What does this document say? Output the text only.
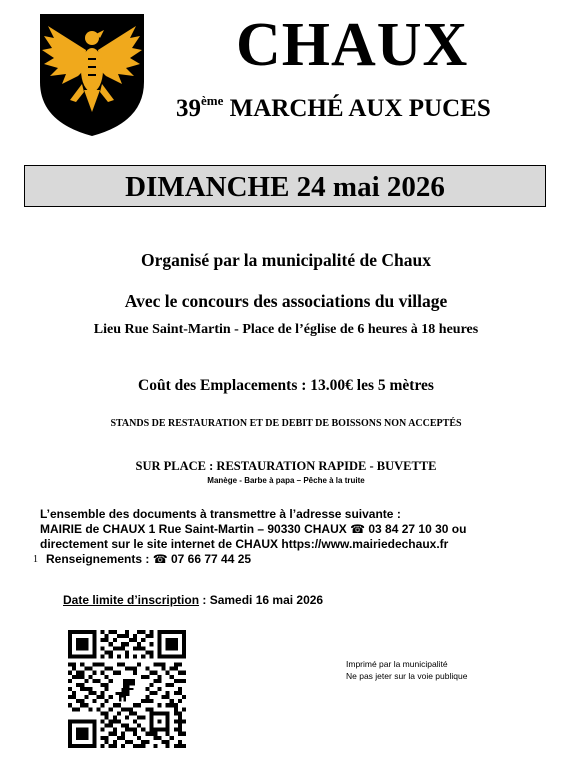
CHAUX
39ème MARCHÉ AUX PUCES
DIMANCHE 24 mai 2026
Organisé par la municipalité de Chaux
Avec le concours des associations du village
Lieu Rue Saint-Martin - Place de l’église de 6 heures à 18 heures
Coût des Emplacements : 13.00€ les 5 mètres
STANDS DE RESTAURATION ET DE DEBIT DE BOISSONS NON ACCEPTÉS
SUR PLACE : RESTAURATION RAPIDE - BUVETTE
Manège - Barbe à papa – Pêche à la truite
L’ensemble des documents à transmettre à l’adresse suivante :
MAIRIE de CHAUX 1 Rue Saint-Martin – 90330 CHAUX ☎ 03 84 27 10 30 ou
directement sur le site internet de CHAUX https://www.mairiedechaux.fr
1 Renseignements : ☎ 07 66 77 44 25
Date limite d’inscription : Samedi 16 mai 2026
Imprimé par la municipalité
Ne pas jeter sur la voie publique
